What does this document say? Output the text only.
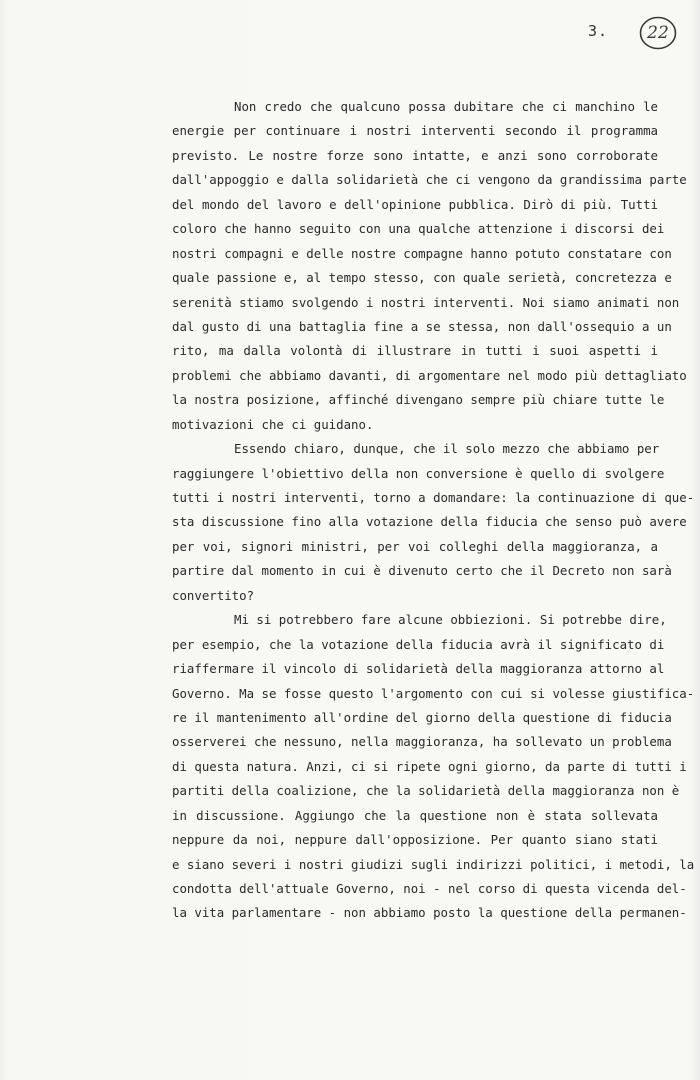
3.	22
Non credo che qualcuno possa dubitare che ci manchino le
energie per continuare i nostri interventi secondo il programma
previsto. Le nostre forze sono intatte, e anzi sono corroborate
dall'appoggio e dalla solidarietà che ci vengono da grandissima parte
del mondo del lavoro e dell'opinione pubblica. Dirò di più. Tutti
coloro che hanno seguito con una qualche attenzione i discorsi dei
nostri compagni e delle nostre compagne hanno potuto constatare con
quale passione e, al tempo stesso, con quale serietà, concretezza e
serenità stiamo svolgendo i nostri interventi. Noi siamo animati non
dal gusto di una battaglia fine a se stessa, non dall'ossequio a un
rito, ma dalla volontà di illustrare in tutti i suoi aspetti i
problemi che abbiamo davanti, di argomentare nel modo più dettagliato
la nostra posizione, affinché divengano sempre più chiare tutte le
motivazioni che ci guidano.
Essendo chiaro, dunque, che il solo mezzo che abbiamo per
raggiungere l'obiettivo della non conversione è quello di svolgere
tutti i nostri interventi, torno a domandare: la continuazione di que-
sta discussione fino alla votazione della fiducia che senso può avere
per voi, signori ministri, per voi colleghi della maggioranza, a
partire dal momento in cui è divenuto certo che il Decreto non sarà
convertito?
Mi si potrebbero fare alcune obbiezioni. Si potrebbe dire,
per esempio, che la votazione della fiducia avrà il significato di
riaffermare il vincolo di solidarietà della maggioranza attorno al
Governo. Ma se fosse questo l'argomento con cui si volesse giustifica-
re il mantenimento all'ordine del giorno della questione di fiducia
osserverei che nessuno, nella maggioranza, ha sollevato un problema
di questa natura. Anzi, ci si ripete ogni giorno, da parte di tutti i
partiti della coalizione, che la solidarietà della maggioranza non è
in discussione. Aggiungo che la questione non è stata sollevata
neppure da noi, neppure dall'opposizione. Per quanto siano stati
e siano severi i nostri giudizi sugli indirizzi politici, i metodi, la
condotta dell'attuale Governo, noi - nel corso di questa vicenda del-
la vita parlamentare - non abbiamo posto la questione della permanen-
